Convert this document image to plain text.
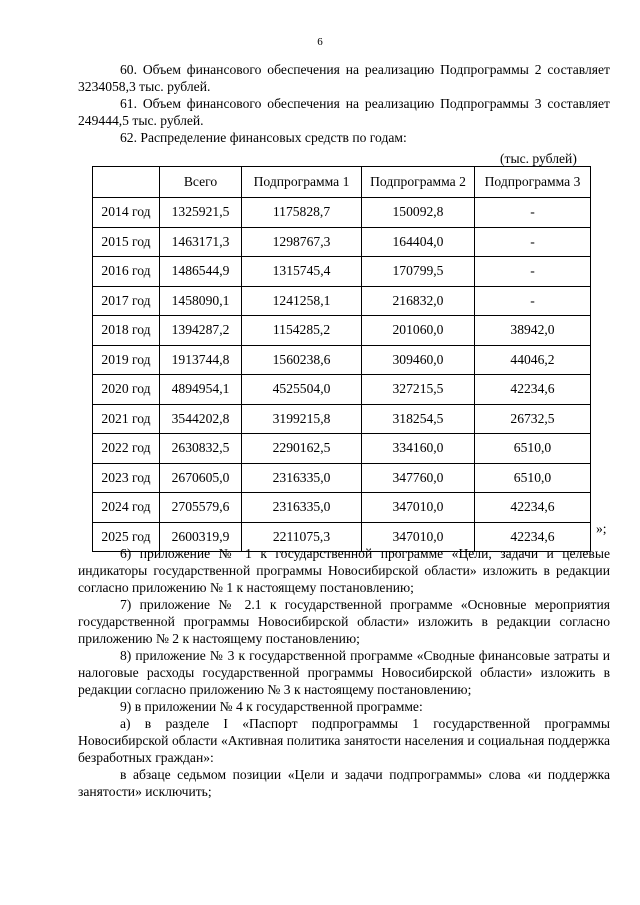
6

60. Объем финансового обеспечения на реализацию Подпрограммы 2 составляет 3234058,3 тыс. рублей.

61. Объем финансового обеспечения на реализацию Подпрограммы 3 составляет 249444,5 тыс. рублей.

62. Распределение финансовых средств по годам:

(тыс. рублей)
	Всего	Подпрограмма 1	Подпрограмма 2	Подпрограмма 3
2014 год	1325921,5	1175828,7	150092,8	-
2015 год	1463171,3	1298767,3	164404,0	-
2016 год	1486544,9	1315745,4	170799,5	-
2017 год	1458090,1	1241258,1	216832,0	-
2018 год	1394287,2	1154285,2	201060,0	38942,0
2019 год	1913744,8	1560238,6	309460,0	44046,2
2020 год	4894954,1	4525504,0	327215,5	42234,6
2021 год	3544202,8	3199215,8	318254,5	26732,5
2022 год	2630832,5	2290162,5	334160,0	6510,0
2023 год	2670605,0	2316335,0	347760,0	6510,0
2024 год	2705579,6	2316335,0	347010,0	42234,6
2025 год	2600319,9	2211075,3	347010,0	42234,6
»;

6) приложение № 1 к государственной программе «Цели, задачи и целевые индикаторы государственной программы Новосибирской области» изложить в редакции согласно приложению № 1 к настоящему постановлению;

7) приложение № 2.1 к государственной программе «Основные мероприятия государственной программы Новосибирской области» изложить в редакции согласно приложению № 2 к настоящему постановлению;

8) приложение № 3 к государственной программе «Сводные финансовые затраты и налоговые расходы государственной программы Новосибирской области» изложить в редакции согласно приложению № 3 к настоящему постановлению;

9) в приложении № 4 к государственной программе:

а) в разделе I «Паспорт подпрограммы 1 государственной программы Новосибирской области «Активная политика занятости населения и социальная поддержка безработных граждан»:

в абзаце седьмом позиции «Цели и задачи подпрограммы» слова «и поддержка занятости» исключить;
